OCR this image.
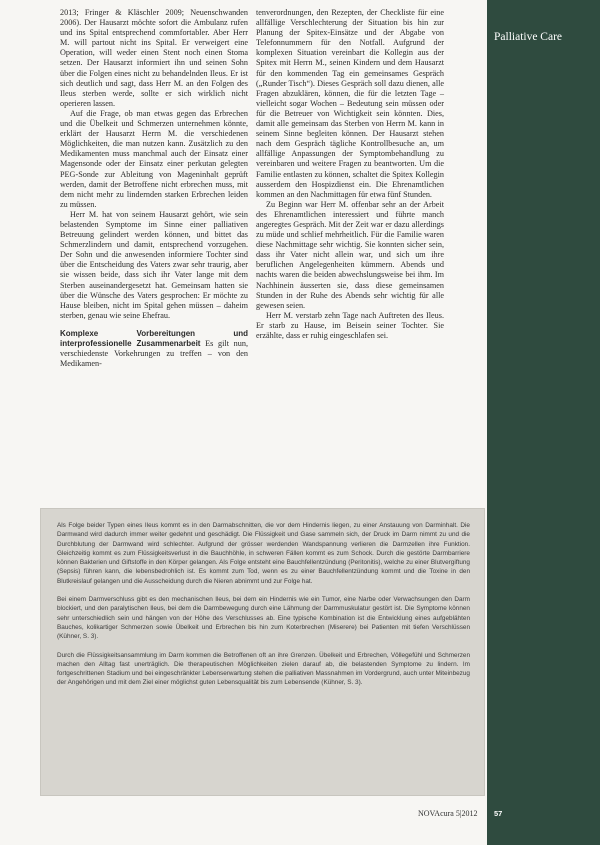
Palliative Care

2013; Fringer & Kläschler 2009; Neuenschwanden 2006). Der Hausarzt möchte sofort die Ambulanz rufen und ins Spital entsprechend commfortabler. Aber Herr M. will partout nicht ins Spital. Er verweigert eine Operation, will weder einen Stent noch einen Stoma setzen. Der Hausarzt informiert ihn und seinen Sohn über die Folgen eines nicht zu behandelnden Ileus. Er ist sich deutlich und sagt, dass Herr M. an den Folgen des Ileus sterben werde, sollte er sich wirklich nicht operieren lassen.

Auf die Frage, ob man etwas gegen das Erbrechen und die Übelkeit und Schmerzen unternehmen könnte, erklärt der Hausarzt Herrn M. die verschiedenen Möglichkeiten, die man nutzen kann. Zusätzlich zu den Medikamenten muss manchmal auch der Einsatz einer Magensonde oder der Einsatz einer perkutan gelegten PEG-Sonde zur Ableitung von Mageninhalt geprüft werden, damit der Betroffene nicht erbrechen muss, mit dem nicht mehr zu lindernden starken Erbrechen leiden zu müssen.

Herr M. hat von seinem Hausarzt gehört, wie sein belastenden Symptome im Sinne einer palliativen Betreuung gelindert werden können, und bittet das Schmerzlindern und damit, entsprechend vorzugehen. Der Sohn und die anwesenden informiere Tochter sind über die Entscheidung des Vaters zwar sehr traurig, aber sie wissen beide, dass sich ihr Vater lange mit dem Sterben auseinandergesetzt hat. Gemeinsam hatten sie über die Wünsche des Vaters gesprochen: Er möchte zu Hause bleiben, nicht im Spital gehen müssen – daheim sterben, genau wie seine Ehefrau.

Komplexe Vorbereitungen und interprofessionelle Zusammenarbeit Es gilt nun, verschiedenste Vorkehrungen zu treffen – von den Medikamen-

tenverordnungen, den Rezepten, der Checkliste für eine allfällige Verschlechterung der Situation bis hin zur Planung der Spitex-Einsätze und der Abgabe von Telefonnummern für den Notfall. Aufgrund der komplexen Situation vereinbart die Kollegin aus der Spitex mit Herrn M., seinen Kindern und dem Hausarzt für den kommenden Tag ein gemeinsames Gespräch („Runder Tisch“). Dieses Gespräch soll dazu dienen, alle Fragen abzuklären, können, die für die letzten Tage – vielleicht sogar Wochen – Bedeutung sein müssen oder für die Betreuer von Wichtigkeit sein könnten. Dies, damit alle gemeinsam das Sterben von Herrn M. kann in seinem Sinne begleiten können. Der Hausarzt stehen nach dem Gespräch tägliche Kontrollbesuche an, um allfällige Anpassungen der Symptombehandlung zu vereinbaren und weitere Fragen zu beantworten. Um die Familie entlasten zu können, schaltet die Spitex Kollegin ausserdem den Hospizdienst ein. Die Ehrenamtlichen kommen an den Nachmittagen für etwa fünf Stunden.

Zu Beginn war Herr M. offenbar sehr an der Arbeit des Ehrenamtlichen interessiert und führte manch angeregtes Gespräch. Mit der Zeit war er dazu allerdings zu müde und schlief mehrheitlich. Für die Familie waren diese Nachmittage sehr wichtig. Sie konnten sicher sein, dass ihr Vater nicht allein war, und sich um ihre beruflichen Angelegenheiten kümmern. Abends und nachts waren die beiden abwechslungsweise bei ihm. Im Nachhinein äusserten sie, dass diese gemeinsamen Stunden in der Ruhe des Abends sehr wichtig für alle gewesen seien.

Herr M. verstarb zehn Tage nach Auftreten des Ileus. Er starb zu Hause, im Beisein seiner Tochter. Sie erzählte, dass er ruhig eingeschlafen sei.

Als Folge beider Typen eines Ileus kommt es in den Darmabschnitten, die vor dem Hindernis liegen, zu einer Anstauung von Darminhalt. Die Darmwand wird dadurch immer weiter gedehnt und geschädigt. Die Flüssigkeit und Gase sammeln sich, der Druck im Darm nimmt zu und die Durchblutung der Darmwand wird schlechter. Aufgrund der grösser werdenden Wandspannung verlieren die Darmzellen ihre Funktion. Gleichzeitig kommt es zum Flüssigkeitsverlust in die Bauchhöhle, in schweren Fällen kommt es zum Schock. Durch die gestörte Darmbarriere können Bakterien und Giftstoffe in den Körper gelangen. Als Folge entsteht eine Bauchfellentzündung (Peritonitis), welche zu einer Blutvergiftung (Sepsis) führen kann, die lebensbedrohlich ist. Es kommt zum Tod, wenn es zu einer Bauchfellentzündung kommt und die Toxine in den Blutkreislauf gelangen und die Ausscheidung durch die Nieren abnimmt und zur Folge hat.

Bei einem Darmverschluss gibt es den mechanischen Ileus, bei dem ein Hindernis wie ein Tumor, eine Narbe oder Verwachsungen den Darm blockiert, und den paralytischen Ileus, bei dem die Darmbewegung durch eine Lähmung der Darmmuskulatur gestört ist. Die Symptome können sehr unterschiedlich sein und hängen von der Höhe des Verschlusses ab. Eine typische Kombination ist die Entwicklung eines aufgeblähten Bauches, kolikartiger Schmerzen sowie Übelkeit und Erbrechen bis hin zum Koterbrechen (Miserere) bei Patienten mit tiefen Verschlüssen (Kühner, S. 3).

Durch die Flüssigkeitsansammlung im Darm kommen die Betroffenen oft an ihre Grenzen. Übelkeit und Erbrechen, Völlegefühl und Schmerzen machen den Alltag fast unerträglich. Die therapeutischen Möglichkeiten zielen darauf ab, die belastenden Symptome zu lindern. Im fortgeschrittenen Stadium und bei eingeschränkter Lebenserwartung stehen die palliativen Massnahmen im Vordergrund, auch unter Miteinbezug der Angehörigen und mit dem Ziel einer möglichst guten Lebensqualität bis zum Lebensende (Kühner, S. 3).

NOVAcura 5|2012 57
